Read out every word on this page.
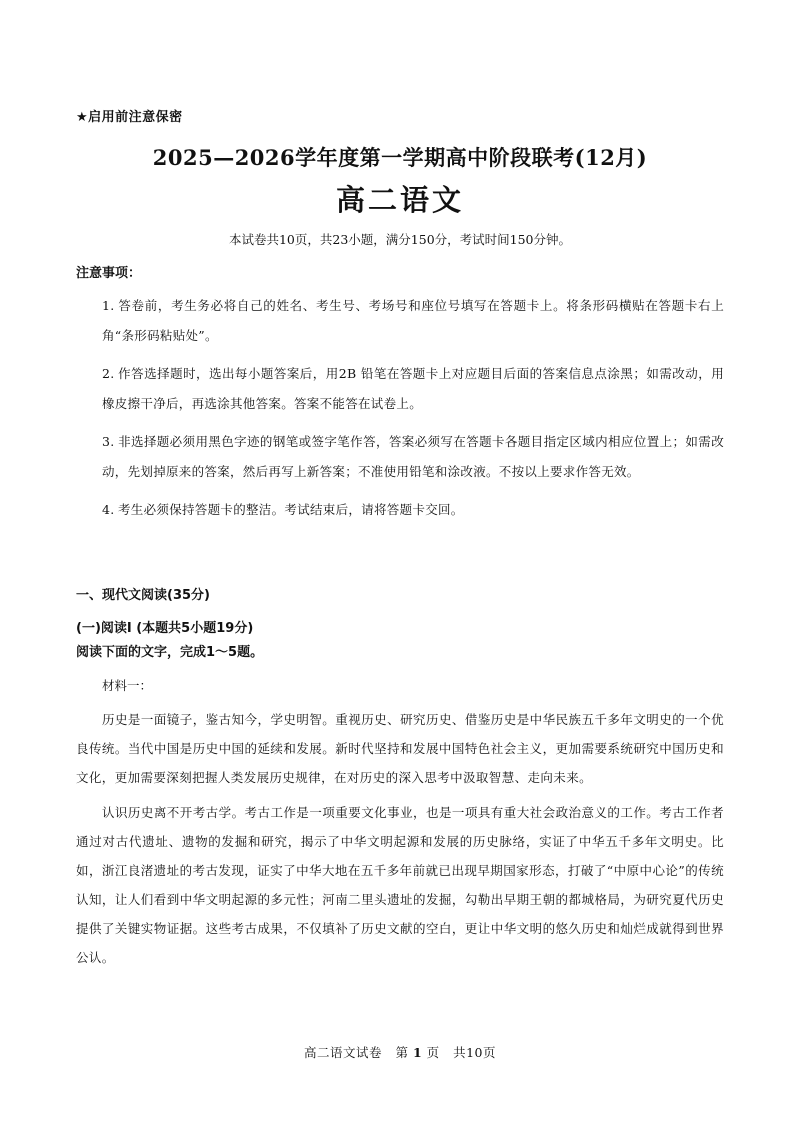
★启用前注意保密
2025—2026学年度第一学期高中阶段联考(12月)
高二语文
本试卷共10页，共23小题，满分150分，考试时间150分钟。
注意事项：
1. 答卷前，考生务必将自己的姓名、考生号、考场号和座位号填写在答题卡上。将条形码横贴在答题卡右上角“条形码粘贴处”。
2. 作答选择题时，选出每小题答案后，用2B 铅笔在答题卡上对应题目后面的答案信息点涂黑；如需改动，用橡皮擦干净后，再选涂其他答案。答案不能答在试卷上。
3. 非选择题必须用黑色字迹的钢笔或签字笔作答，答案必须写在答题卡各题目指定区域内相应位置上；如需改动，先划掉原来的答案，然后再写上新答案；不准使用铅笔和涂改液。不按以上要求作答无效。
4. 考生必须保持答题卡的整洁。考试结束后，请将答题卡交回。
一、现代文阅读(35分)
(一)阅读Ⅰ (本题共5小题19分)
阅读下面的文字，完成1～5题。
材料一：

历史是一面镜子，鉴古知今，学史明智。重视历史、研究历史、借鉴历史是中华民族五千多年文明史的一个优良传统。当代中国是历史中国的延续和发展。新时代坚持和发展中国特色社会主义，更加需要系统研究中国历史和文化，更加需要深刻把握人类发展历史规律，在对历史的深入思考中汲取智慧、走向未来。

认识历史离不开考古学。考古工作是一项重要文化事业，也是一项具有重大社会政治意义的工作。考古工作者通过对古代遗址、遗物的发掘和研究，揭示了中华文明起源和发展的历史脉络，实证了中华五千多年文明史。比如，浙江良渚遗址的考古发现，证实了中华大地在五千多年前就已出现早期国家形态，打破了“中原中心论”的传统认知，让人们看到中华文明起源的多元性；河南二里头遗址的发掘，勾勒出早期王朝的都城格局，为研究夏代历史提供了关键实物证据。这些考古成果，不仅填补了历史文献的空白，更让中华文明的悠久历史和灿烂成就得到世界公认。

高二语文试卷 第 1 页 共10页
